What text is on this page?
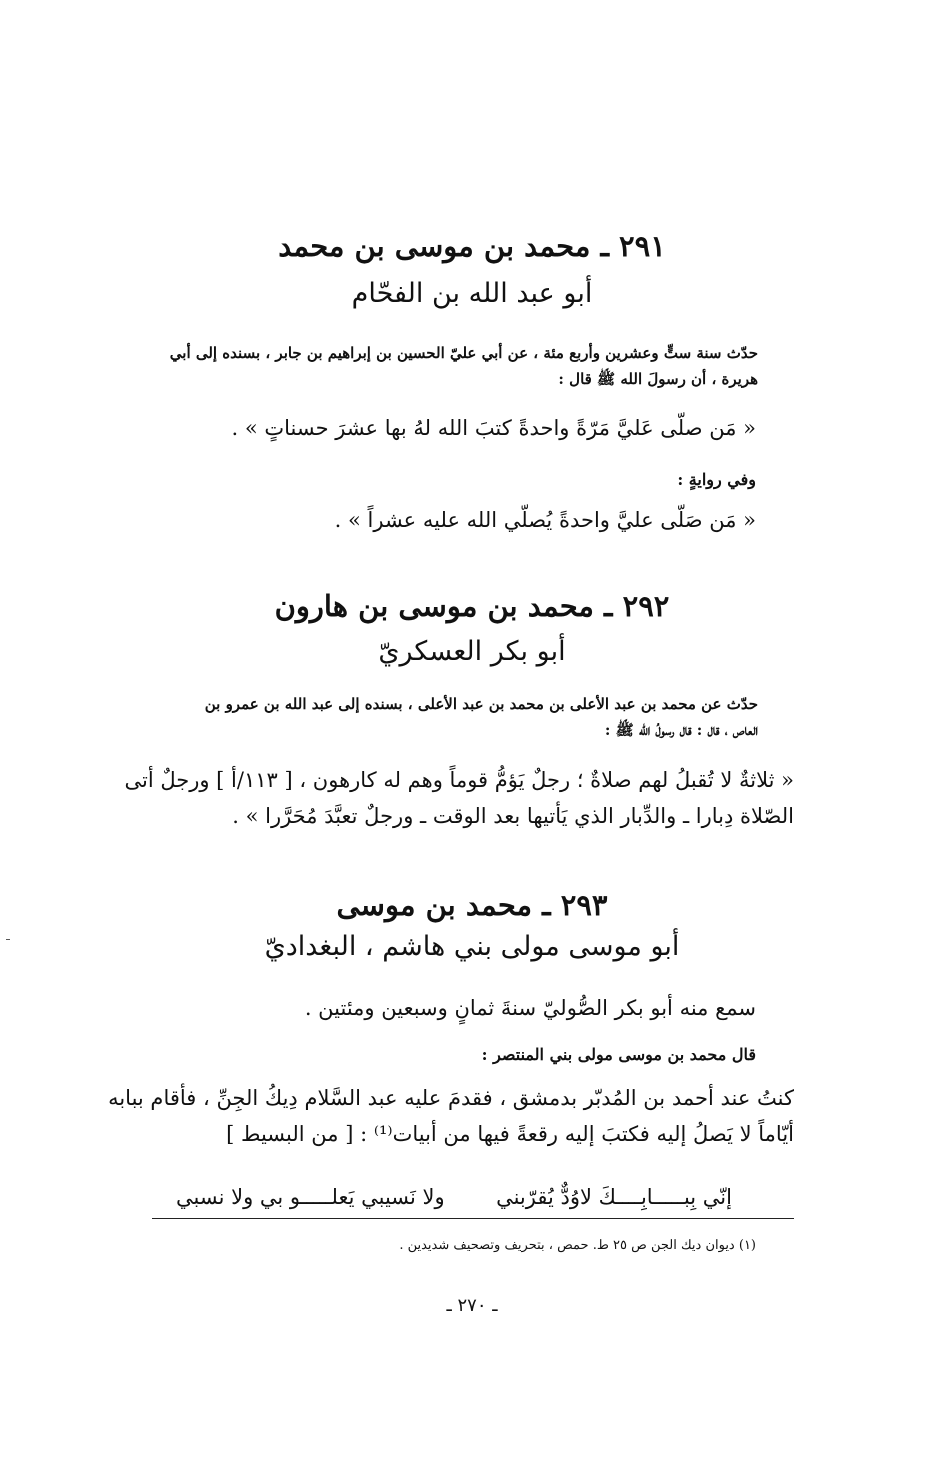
٢٩١ ـ محمد بن موسى بن محمد
أبو عبد الله بن الفحّام
حدّث سنة ستٍّ وعشرين وأربع مئة ، عن أبي عليّ الحسين بن إبراهيم بن جابر ، بسنده إلى أبي
هريرة ، أن رسولَ الله ﷺ قال :
« مَن صلّى عَليَّ مَرّةً واحدةً كتبَ الله لهُ بها عشرَ حسناتٍ » .
وفي روايةٍ :
« مَن صَلّى عليَّ واحدةً يُصلّي الله عليه عشراً » .
٢٩٢ ـ محمد بن موسى بن هارون
أبو بكر العسكريّ
حدّث عن محمد بن عبد الأعلى بن محمد بن عبد الأعلى ، بسنده إلى عبد الله بن عمرو بن
العاص ، قال : قال رسولُ الله ﷺ :
« ثلاثةٌ لا تُقبلُ لهم صلاةٌ ؛ رجلٌ يَؤمُّ قوماً وهم له كارهون ، [ ١١٣/أ ] ورجلٌ أتى
الصّلاة دِبارا ـ والدِّبار الذي يَأتيها بعد الوقت ـ ورجلٌ تعبَّدَ مُحَرَّرا » .
٢٩٣ ـ محمد بن موسى
أبو موسى مولى بني هاشم ، البغداديّ
سمع منه أبو بكر الصُّوليّ سنةَ ثمانٍ وسبعين ومئتين .
قال محمد بن موسى مولى بني المنتصر :
كنتُ عند أحمد بن المُدبّر بدمشق ، فقدمَ عليه عبد السَّلام دِيكُ الجِنِّ ، فأقام ببابه
أيّاماً لا يَصلُ إليه فكتبَ إليه رقعةً فيها من أبيات⁽¹⁾ : [ من البسيط ]
إنّي بِبـــــابِــــكَ لاوُدٌّ يُقرّبني
ولا نَسيبي يَعلـــــو بي ولا نسبي
(١) ديوان ديك الجن ص ٢٥ ط. حمص ، بتحريف وتصحيف شديدين .
ـ ٢٧٠ ـ
